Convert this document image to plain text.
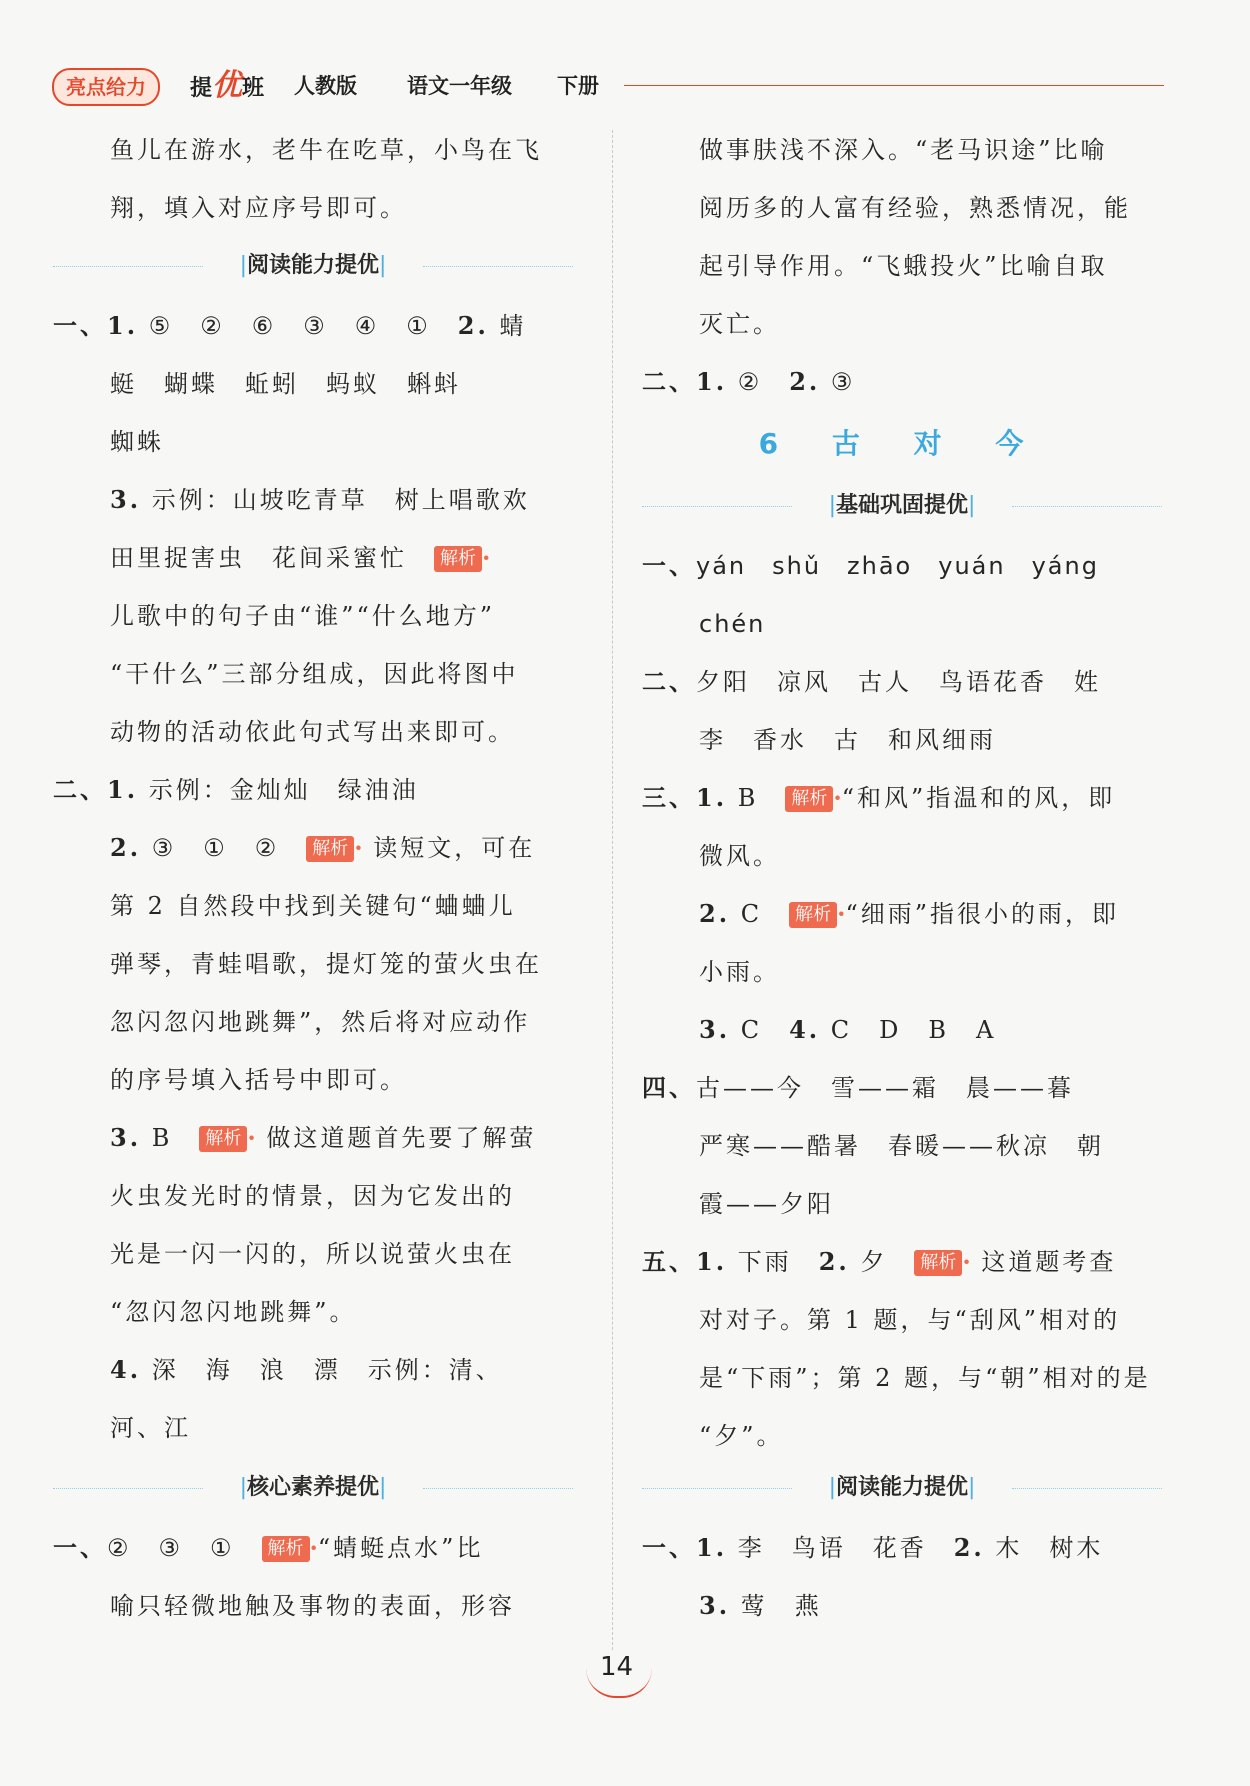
亮点给力	提优班 人教版 语文一年级 下册
鱼儿在游水，老牛在吃草，小鸟在飞
翔，填入对应序号即可。
|阅读能力提优|
一、1. ⑤　②　⑥　③　④　①　 2. 蜻
蜓　蝴蝶　蚯蚓　蚂蚁　蝌蚪
蜘蛛
3. 示例：山坡吃青草　树上唱歌欢
田里捉害虫　花间采蜜忙　 解析 ·
儿歌中的句子由“谁”“什么地方”
“干什么”三部分组成，因此将图中
动物的活动依此句式写出来即可。
二、1. 示例：金灿灿　绿油油
2. ③　①　②　 解析 · 读短文，可在
第 2 自然段中找到关键句“蛐蛐儿
弹琴，青蛙唱歌，提灯笼的萤火虫在
忽闪忽闪地跳舞”，然后将对应动作
的序号填入括号中即可。
3. B　 解析 · 做这道题首先要了解萤
火虫发光时的情景，因为它发出的
光是一闪一闪的，所以说萤火虫在
“忽闪忽闪地跳舞”。
4. 深　海　浪　漂　示例：清、
河、江
|核心素养提优|
一、②　③　①　 解析 ·“蜻蜓点水”比
喻只轻微地触及事物的表面，形容
做事肤浅不深入。“老马识途”比喻
阅历多的人富有经验，熟悉情况，能
起引导作用。“飞蛾投火”比喻自取
灭亡。
二、1. ②　 2. ③
6 古 对 今
|基础巩固提优|
一、yán　shǔ　zhāo　yuán　yáng
chén
二、夕阳　凉风　古人　鸟语花香　姓
李　香水　古　和风细雨
三、1. B　 解析 ·“和风”指温和的风，即
微风。
2. C　 解析 ·“细雨”指很小的雨，即
小雨。
3. C　 4. C　D　B　A
四、古——今　雪——霜　晨——暮
严寒——酷暑　春暖——秋凉　朝
霞——夕阳
五、1. 下雨　 2. 夕　 解析 · 这道题考查
对对子。第 1 题，与“刮风”相对的
是“下雨”；第 2 题，与“朝”相对的是
“夕”。
|阅读能力提优|
一、1. 李　鸟语　花香　 2. 木　树木
3. 莺　燕
14
